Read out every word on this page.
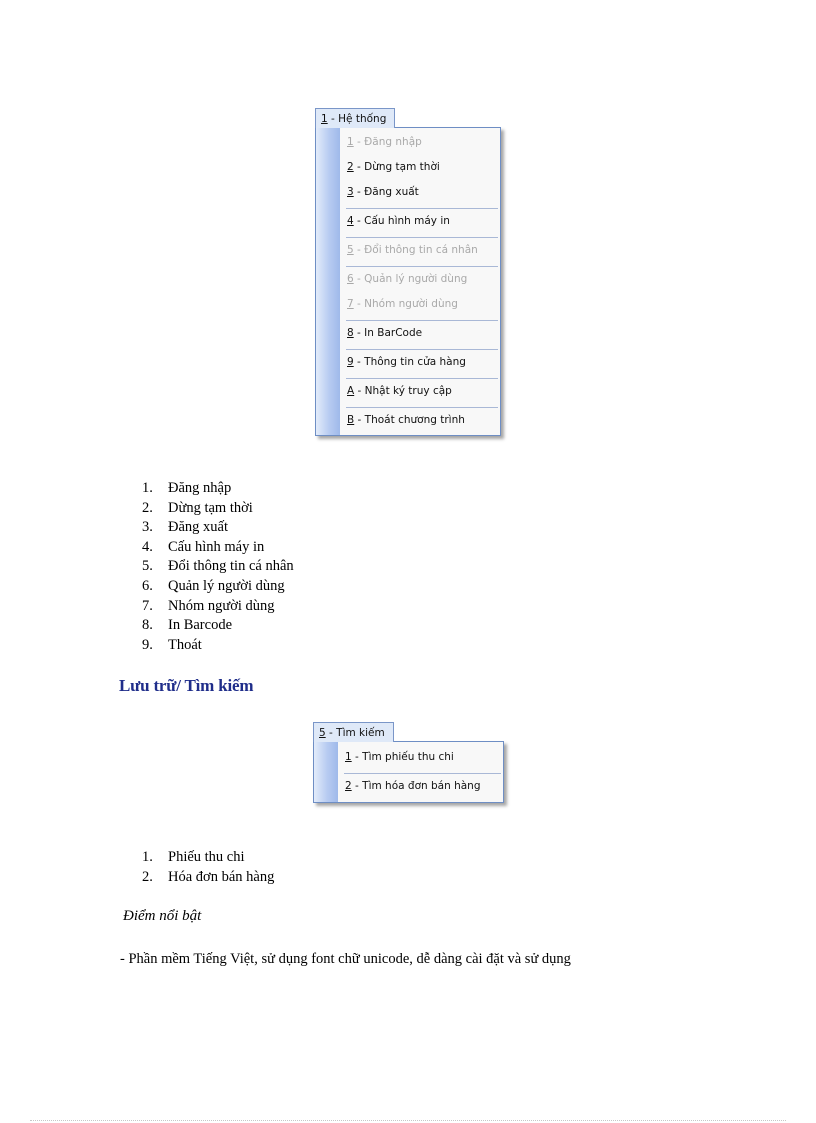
1 - Hệ thống
1 - Đăng nhập
2 - Dừng tạm thời
3 - Đăng xuất
4 - Cấu hình máy in
5 - Đổi thông tin cá nhân
6 - Quản lý người dùng
7 - Nhóm người dùng
8 - In BarCode
9 - Thông tin cửa hàng
A - Nhật ký truy cập
B - Thoát chương trình
1. Đăng nhập
2. Dừng tạm thời
3. Đăng xuất
4. Cấu hình máy in
5. Đổi thông tin cá nhân
6. Quản lý người dùng
7. Nhóm người dùng
8. In Barcode
9. Thoát
Lưu trữ/ Tìm kiếm
5 - Tìm kiếm
1 - Tìm phiếu thu chi
2 - Tìm hóa đơn bán hàng
1. Phiếu thu chi
2. Hóa đơn bán hàng
Điểm nổi bật
- Phần mềm Tiếng Việt, sử dụng font chữ unicode, dễ dàng cài đặt và sử dụng
